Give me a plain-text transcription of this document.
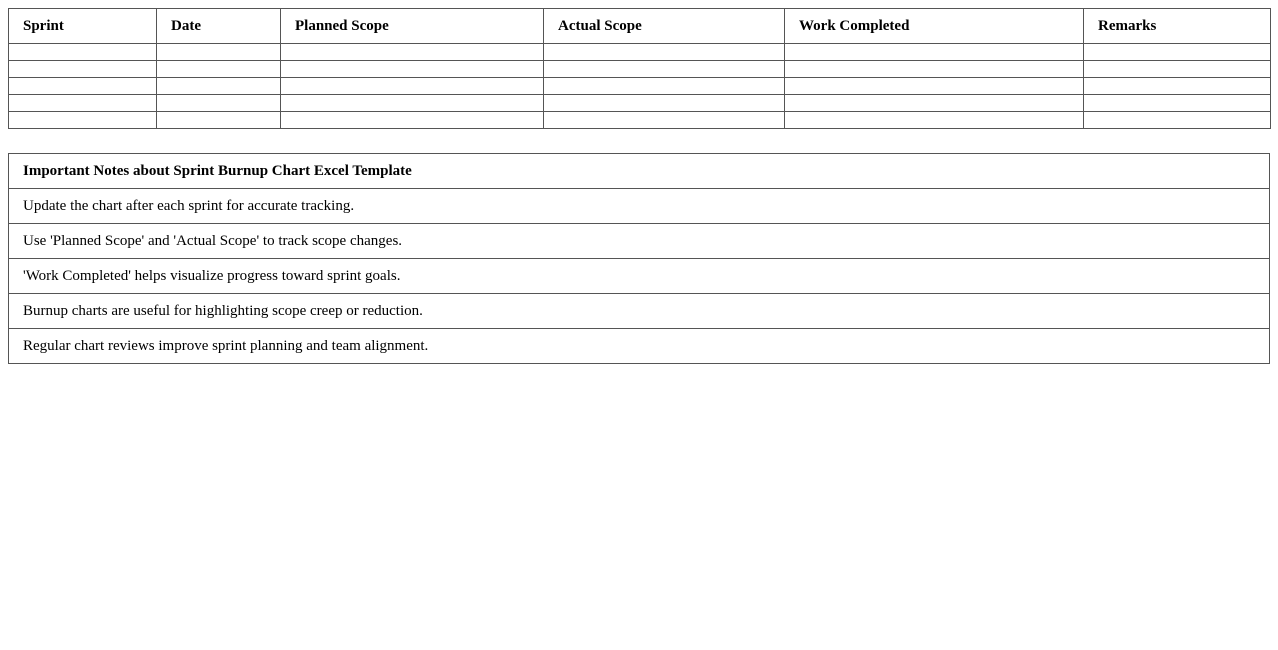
Sprint	Date	Planned Scope	Actual Scope	Work Completed	Remarks

Important Notes about Sprint Burnup Chart Excel Template
Update the chart after each sprint for accurate tracking.
Use 'Planned Scope' and 'Actual Scope' to track scope changes.
'Work Completed' helps visualize progress toward sprint goals.
Burnup charts are useful for highlighting scope creep or reduction.
Regular chart reviews improve sprint planning and team alignment.
